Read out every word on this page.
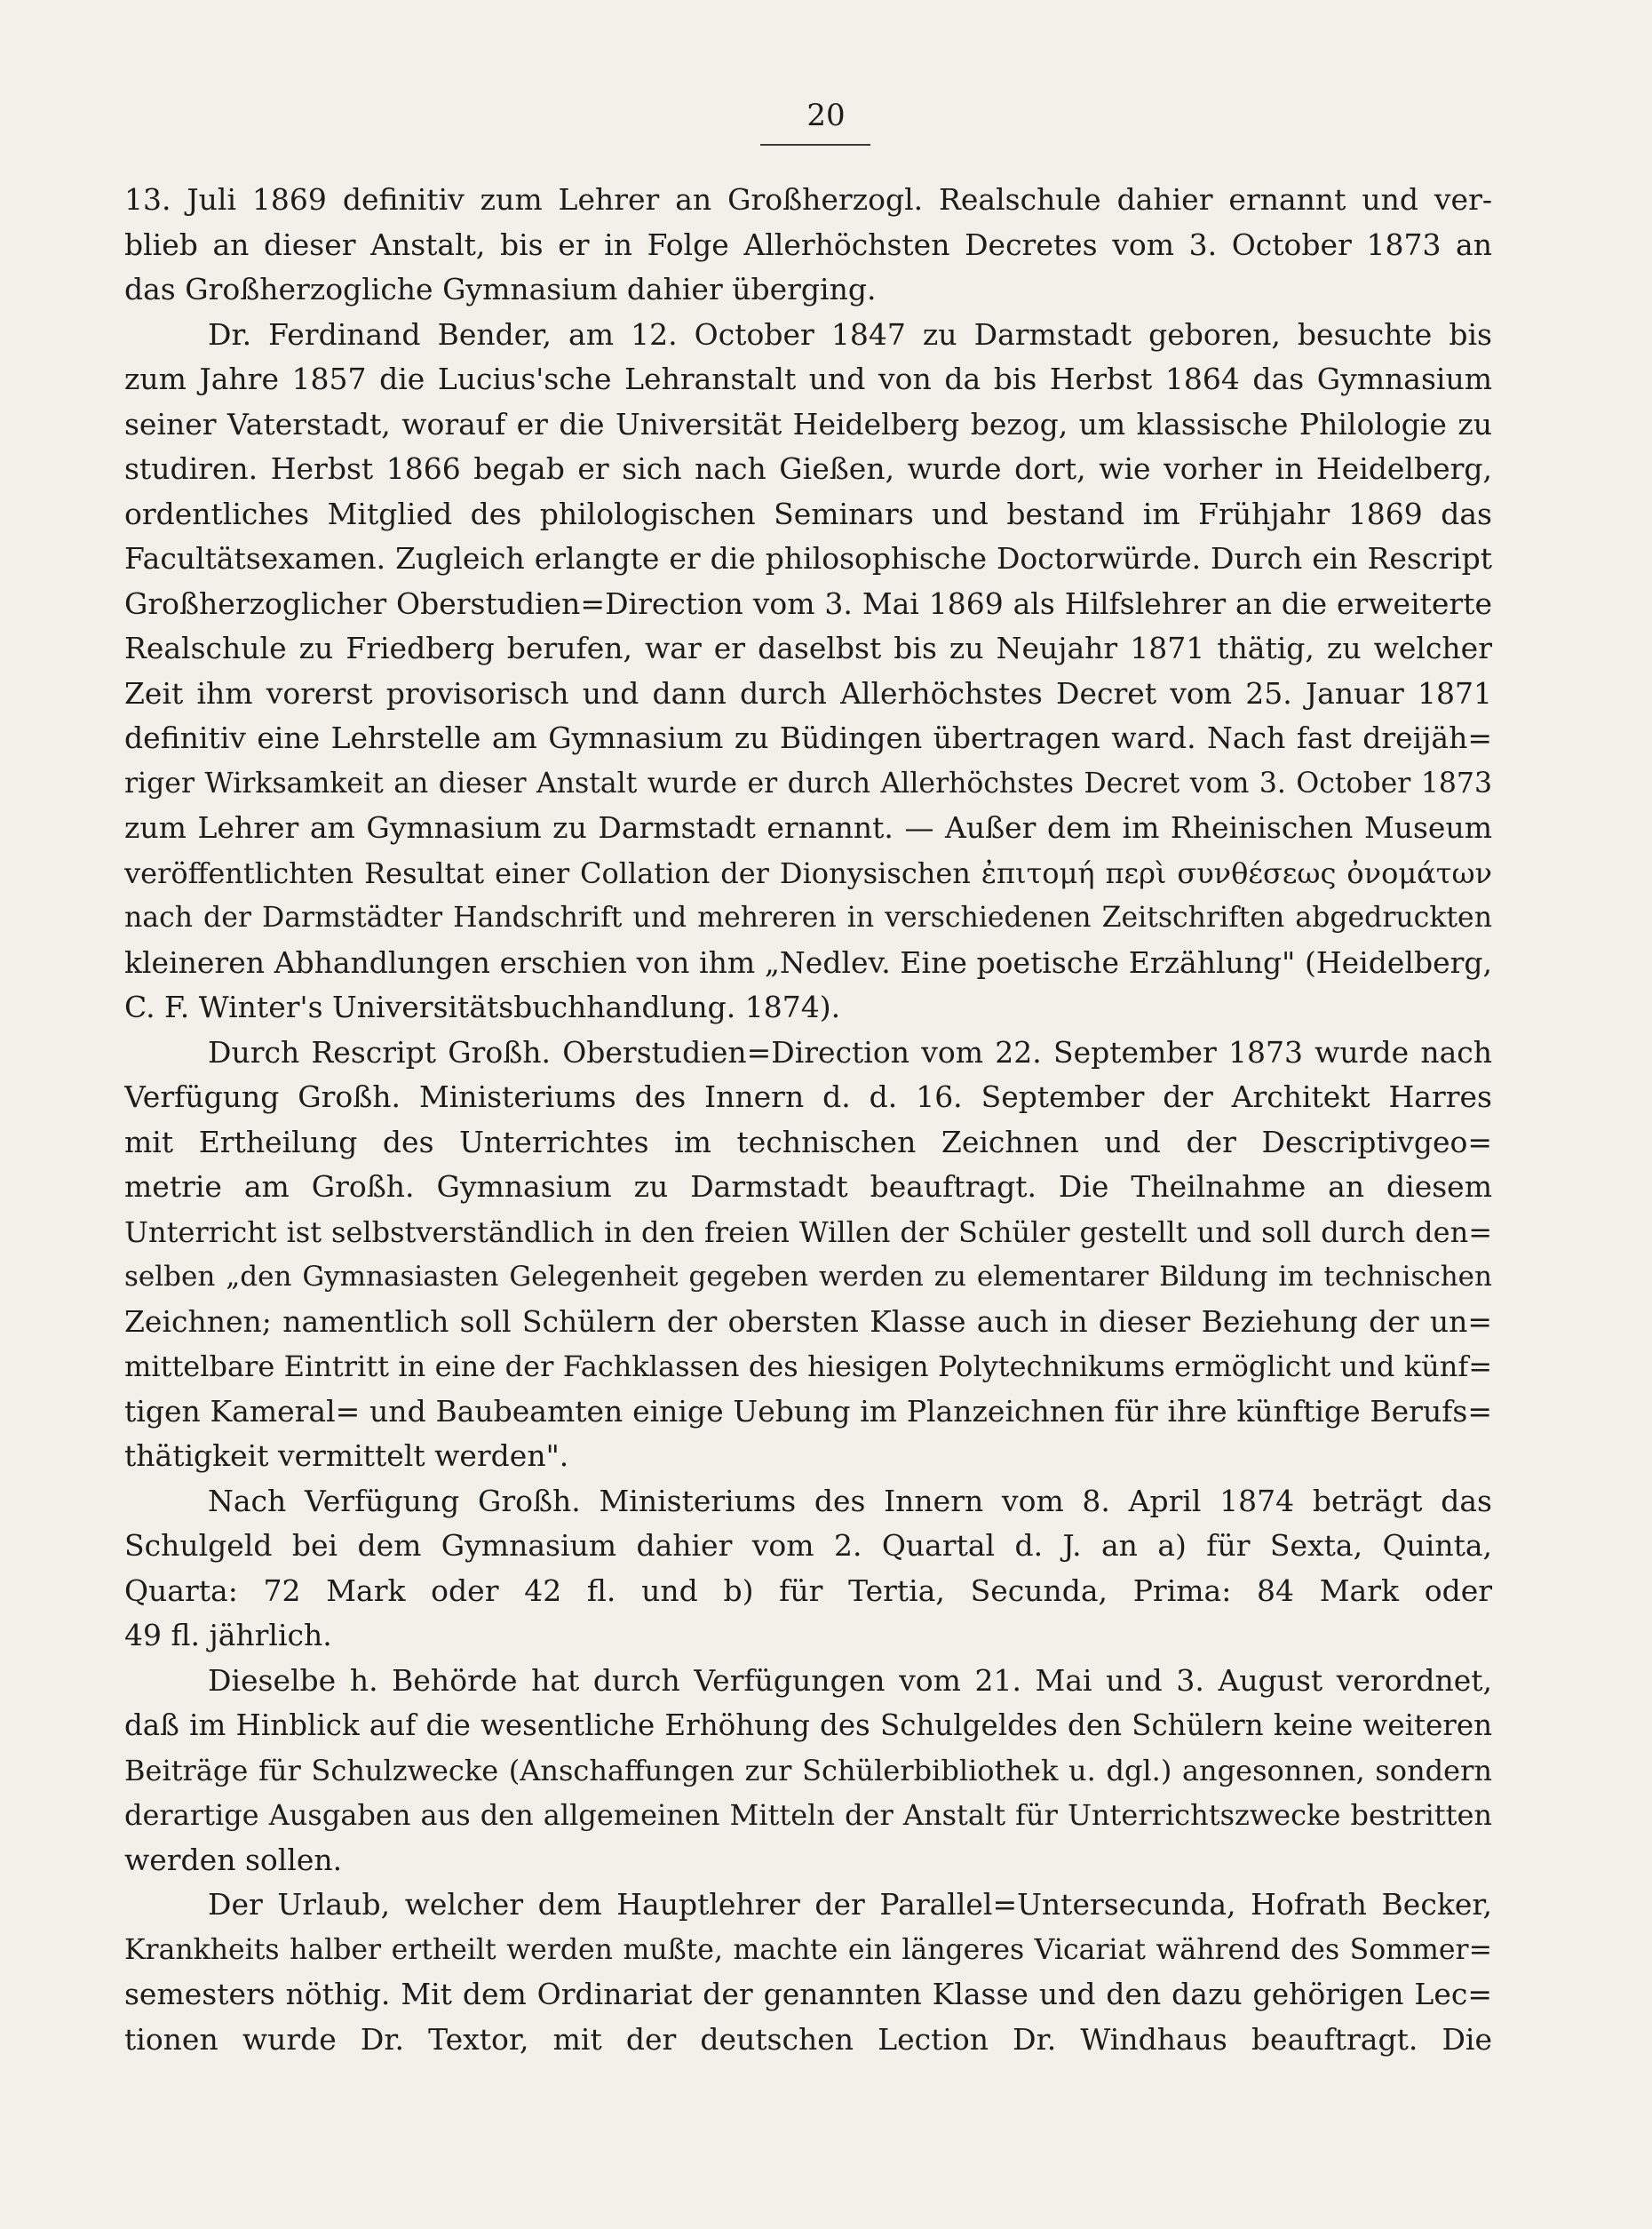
20
13. Juli 1869 definitiv zum Lehrer an Großherzogl. Realschule dahier ernannt und ver-
blieb an dieser Anstalt, bis er in Folge Allerhöchsten Decretes vom 3. October 1873 an
das Großherzogliche Gymnasium dahier überging.
Dr. Ferdinand Bender, am 12. October 1847 zu Darmstadt geboren, besuchte bis
zum Jahre 1857 die Lucius'sche Lehranstalt und von da bis Herbst 1864 das Gymnasium
seiner Vaterstadt, worauf er die Universität Heidelberg bezog, um klassische Philologie zu
studiren. Herbst 1866 begab er sich nach Gießen, wurde dort, wie vorher in Heidelberg,
ordentliches Mitglied des philologischen Seminars und bestand im Frühjahr 1869 das
Facultätsexamen. Zugleich erlangte er die philosophische Doctorwürde. Durch ein Rescript
Großherzoglicher Oberstudien=Direction vom 3. Mai 1869 als Hilfslehrer an die erweiterte
Realschule zu Friedberg berufen, war er daselbst bis zu Neujahr 1871 thätig, zu welcher
Zeit ihm vorerst provisorisch und dann durch Allerhöchstes Decret vom 25. Januar 1871
definitiv eine Lehrstelle am Gymnasium zu Büdingen übertragen ward. Nach fast dreijäh=
riger Wirksamkeit an dieser Anstalt wurde er durch Allerhöchstes Decret vom 3. October 1873
zum Lehrer am Gymnasium zu Darmstadt ernannt. — Außer dem im Rheinischen Museum
veröffentlichten Resultat einer Collation der Dionysischen ἐπιτομή περὶ συνθέσεως ὀνομάτων
nach der Darmstädter Handschrift und mehreren in verschiedenen Zeitschriften abgedruckten
kleineren Abhandlungen erschien von ihm „Nedlev. Eine poetische Erzählung" (Heidelberg,
C. F. Winter's Universitätsbuchhandlung. 1874).
Durch Rescript Großh. Oberstudien=Direction vom 22. September 1873 wurde nach
Verfügung Großh. Ministeriums des Innern d. d. 16. September der Architekt Harres
mit Ertheilung des Unterrichtes im technischen Zeichnen und der Descriptivgeo=
metrie am Großh. Gymnasium zu Darmstadt beauftragt. Die Theilnahme an diesem
Unterricht ist selbstverständlich in den freien Willen der Schüler gestellt und soll durch den=
selben „den Gymnasiasten Gelegenheit gegeben werden zu elementarer Bildung im technischen
Zeichnen; namentlich soll Schülern der obersten Klasse auch in dieser Beziehung der un=
mittelbare Eintritt in eine der Fachklassen des hiesigen Polytechnikums ermöglicht und künf=
tigen Kameral= und Baubeamten einige Uebung im Planzeichnen für ihre künftige Berufs=
thätigkeit vermittelt werden".
Nach Verfügung Großh. Ministeriums des Innern vom 8. April 1874 beträgt das
Schulgeld bei dem Gymnasium dahier vom 2. Quartal d. J. an a) für Sexta, Quinta,
Quarta: 72 Mark oder 42 fl. und b) für Tertia, Secunda, Prima: 84 Mark oder
49 fl. jährlich.
Dieselbe h. Behörde hat durch Verfügungen vom 21. Mai und 3. August verordnet,
daß im Hinblick auf die wesentliche Erhöhung des Schulgeldes den Schülern keine weiteren
Beiträge für Schulzwecke (Anschaffungen zur Schülerbibliothek u. dgl.) angesonnen, sondern
derartige Ausgaben aus den allgemeinen Mitteln der Anstalt für Unterrichtszwecke bestritten
werden sollen.
Der Urlaub, welcher dem Hauptlehrer der Parallel=Untersecunda, Hofrath Becker,
Krankheits halber ertheilt werden mußte, machte ein längeres Vicariat während des Sommer=
semesters nöthig. Mit dem Ordinariat der genannten Klasse und den dazu gehörigen Lec=
tionen wurde Dr. Textor, mit der deutschen Lection Dr. Windhaus beauftragt. Die
